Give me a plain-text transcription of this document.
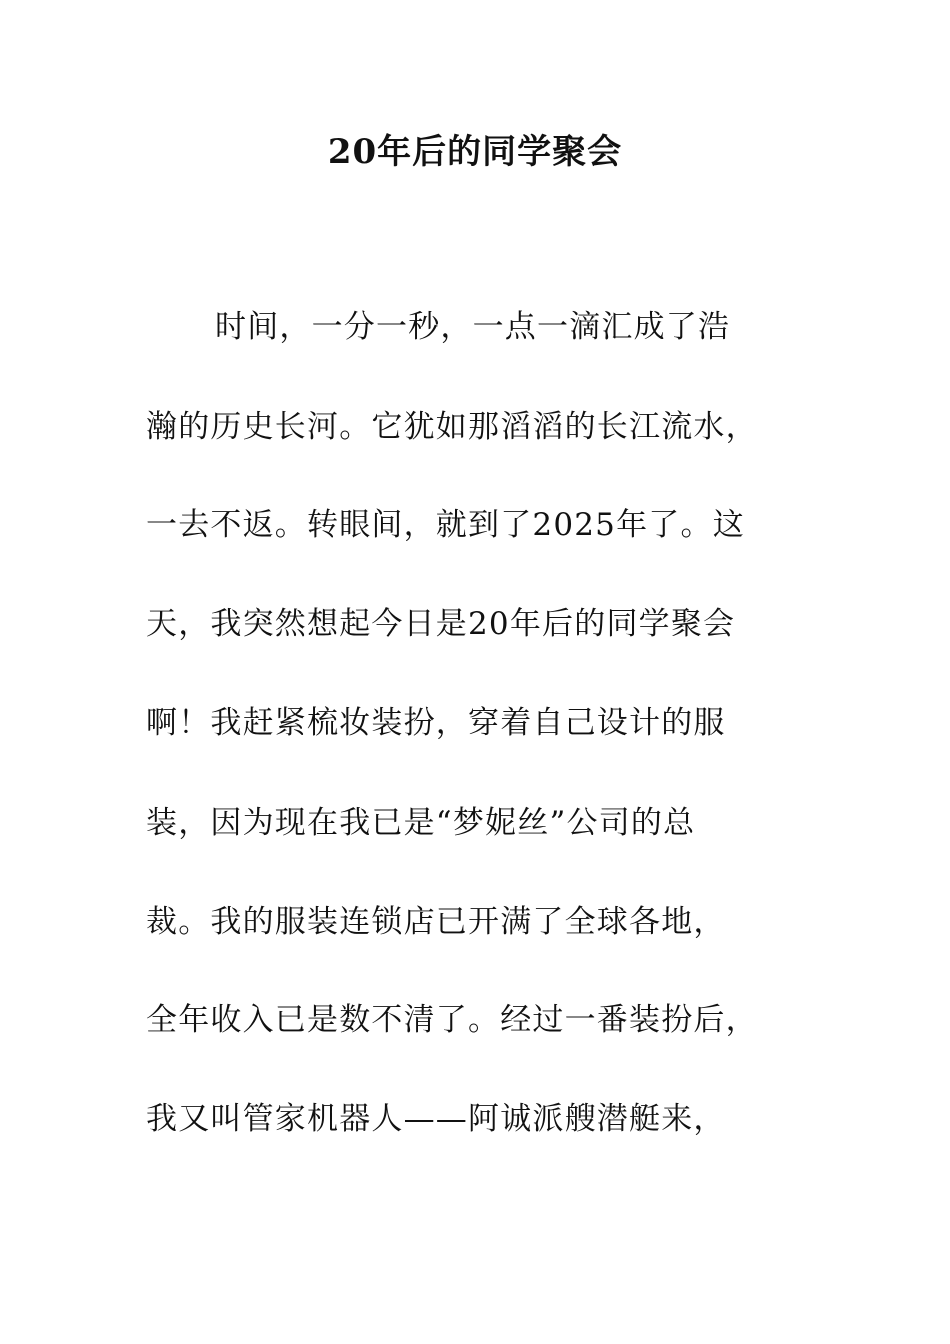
20年后的同学聚会
时间，一分一秒，一点一滴汇成了浩
瀚的历史长河。它犹如那滔滔的长江流水，
一去不返。转眼间，就到了2025年了。这
天，我突然想起今日是20年后的同学聚会
啊！我赶紧梳妆装扮，穿着自己设计的服
装，因为现在我已是“梦妮丝”公司的总
裁。我的服装连锁店已开满了全球各地，
全年收入已是数不清了。经过一番装扮后，
我又叫管家机器人——阿诚派艘潜艇来，
